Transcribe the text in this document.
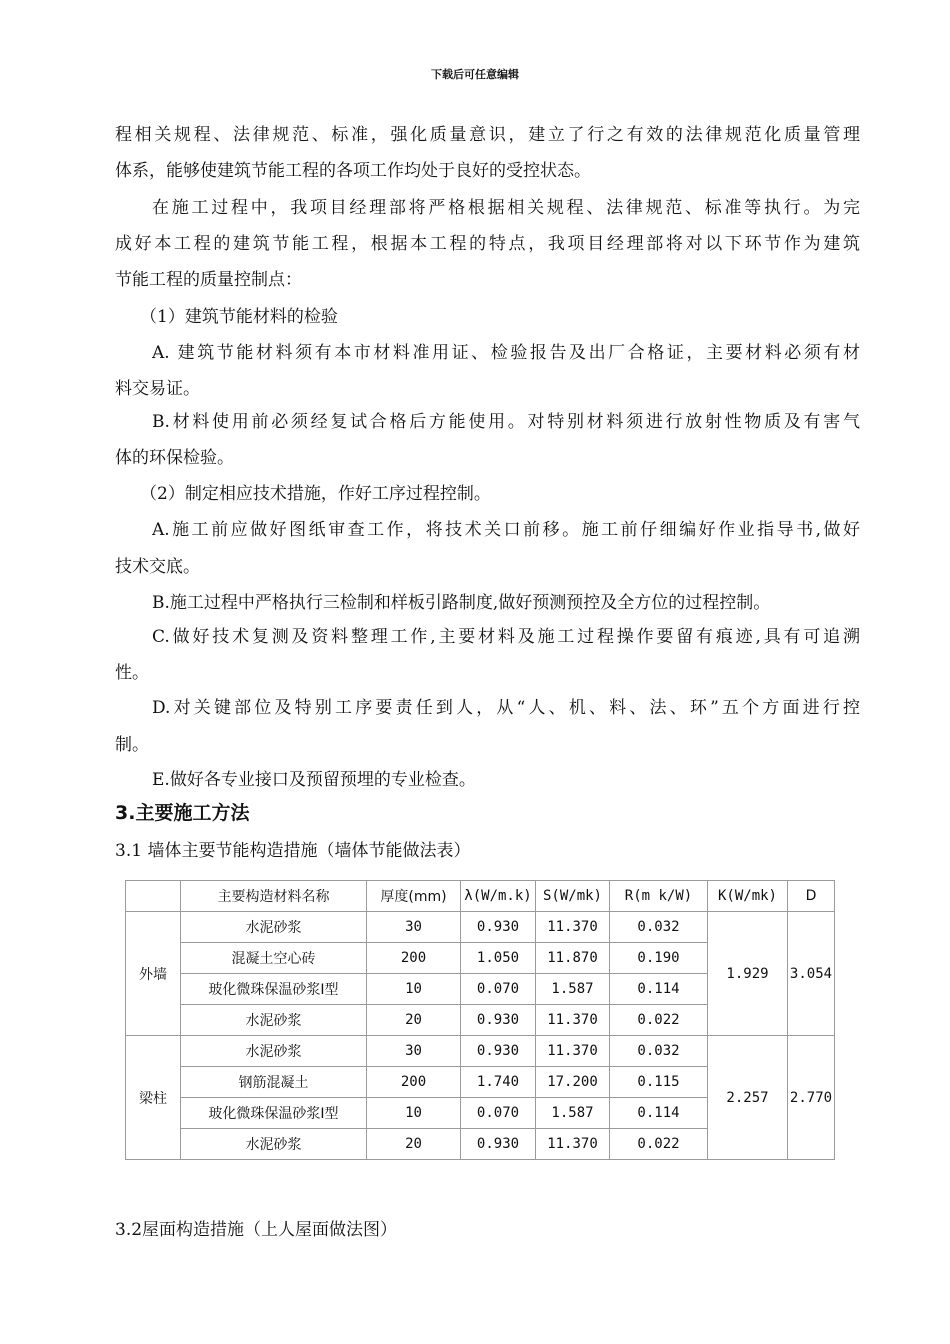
下载后可任意编辑
程相关规程、法律规范、标准，强化质量意识，建立了行之有效的法律规范化质量管理
体系，能够使建筑节能工程的各项工作均处于良好的受控状态。
在施工过程中，我项目经理部将严格根据相关规程、法律规范、标准等执行。为完
成好本工程的建筑节能工程，根据本工程的特点，我项目经理部将对以下环节作为建筑
节能工程的质量控制点：
（1）建筑节能材料的检验
A. 建筑节能材料须有本市材料准用证、检验报告及出厂合格证，主要材料必须有材
料交易证。
B.材料使用前必须经复试合格后方能使用。对特别材料须进行放射性物质及有害气
体的环保检验。
（2）制定相应技术措施，作好工序过程控制。
A.施工前应做好图纸审查工作，将技术关口前移。施工前仔细编好作业指导书,做好
技术交底。
B.施工过程中严格执行三检制和样板引路制度,做好预测预控及全方位的过程控制。
C.做好技术复测及资料整理工作,主要材料及施工过程操作要留有痕迹,具有可追溯
性。
D.对关键部位及特别工序要责任到人，从“人、机、料、法、环”五个方面进行控
制。
E.做好各专业接口及预留预埋的专业检查。
3.主要施工方法
3.1 墙体主要节能构造措施（墙体节能做法表）
	主要构造材料名称	厚度(mm)	λ(W/m.k)	S(W/mk)	R(m k/W)	K(W/mk)	D
外墙	水泥砂浆	30	0.930	11.370	0.032	1.929	3.054
	混凝土空心砖	200	1.050	11.870	0.190		
	玻化微珠保温砂浆I型	10	0.070	1.587	0.114		
	水泥砂浆	20	0.930	11.370	0.022		
梁柱	水泥砂浆	30	0.930	11.370	0.032	2.257	2.770
	钢筋混凝土	200	1.740	17.200	0.115		
	玻化微珠保温砂浆I型	10	0.070	1.587	0.114		
	水泥砂浆	20	0.930	11.370	0.022		
3.2屋面构造措施（上人屋面做法图）
